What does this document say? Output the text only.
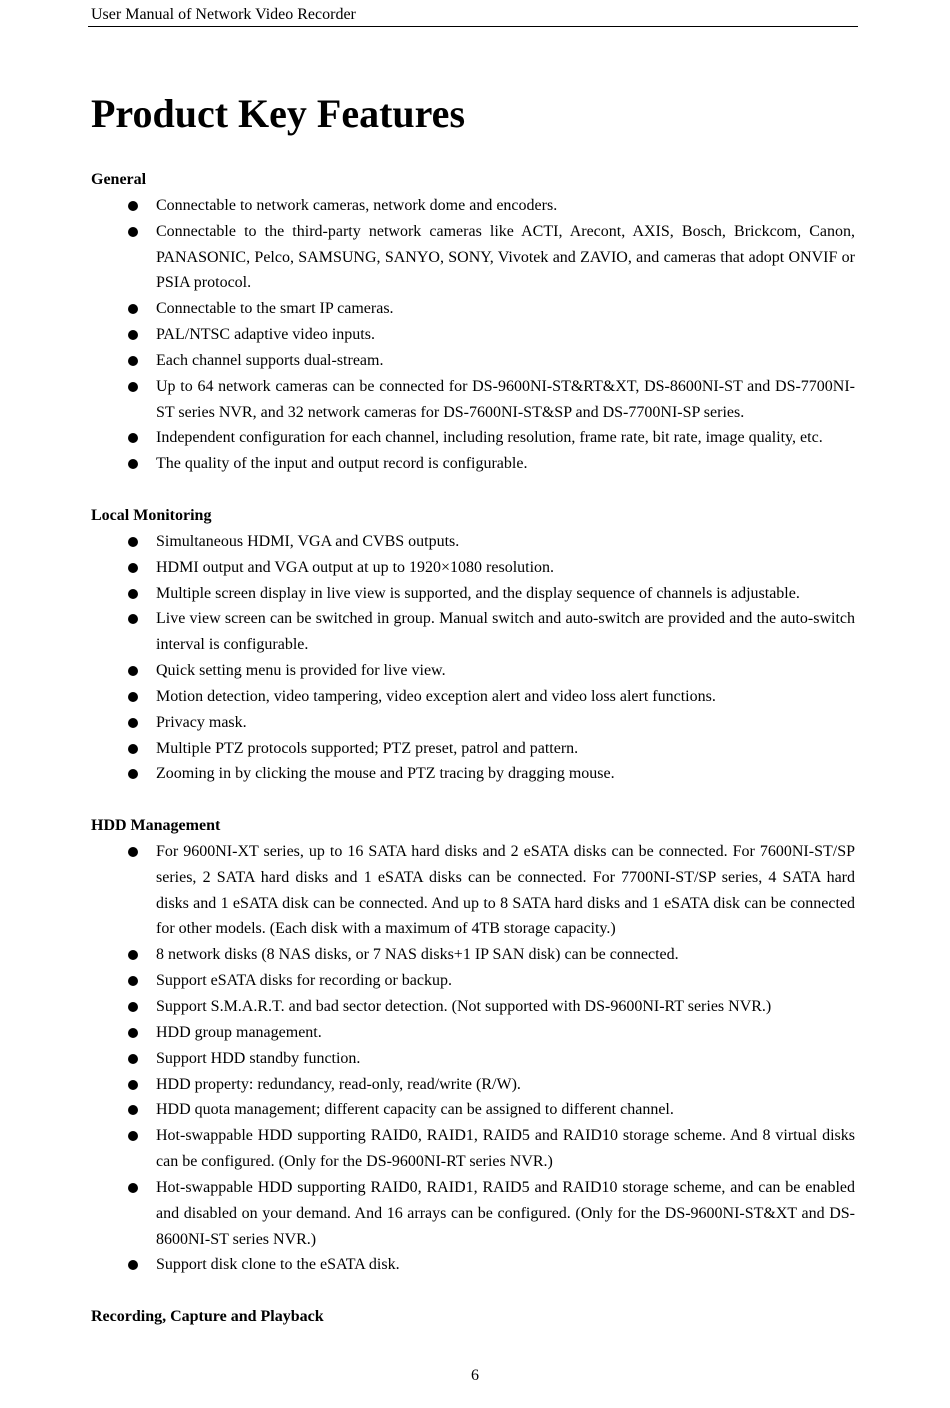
User Manual of Network Video Recorder
Product Key Features
General
Connectable to network cameras, network dome and encoders.
Connectable to the third-party network cameras like ACTI, Arecont, AXIS, Bosch, Brickcom, Canon, PANASONIC, Pelco, SAMSUNG, SANYO, SONY, Vivotek and ZAVIO, and cameras that adopt ONVIF or PSIA protocol.
Connectable to the smart IP cameras.
PAL/NTSC adaptive video inputs.
Each channel supports dual-stream.
Up to 64 network cameras can be connected for DS-9600NI-ST&RT&XT, DS-8600NI-ST and DS-7700NI-ST series NVR, and 32 network cameras for DS-7600NI-ST&SP and DS-7700NI-SP series.
Independent configuration for each channel, including resolution, frame rate, bit rate, image quality, etc.
The quality of the input and output record is configurable.
Local Monitoring
Simultaneous HDMI, VGA and CVBS outputs.
HDMI output and VGA output at up to 1920×1080 resolution.
Multiple screen display in live view is supported, and the display sequence of channels is adjustable.
Live view screen can be switched in group. Manual switch and auto-switch are provided and the auto-switch interval is configurable.
Quick setting menu is provided for live view.
Motion detection, video tampering, video exception alert and video loss alert functions.
Privacy mask.
Multiple PTZ protocols supported; PTZ preset, patrol and pattern.
Zooming in by clicking the mouse and PTZ tracing by dragging mouse.
HDD Management
For 9600NI-XT series, up to 16 SATA hard disks and 2 eSATA disks can be connected. For 7600NI-ST/SP series, 2 SATA hard disks and 1 eSATA disks can be connected. For 7700NI-ST/SP series, 4 SATA hard disks and 1 eSATA disk can be connected. And up to 8 SATA hard disks and 1 eSATA disk can be connected for other models. (Each disk with a maximum of 4TB storage capacity.)
8 network disks (8 NAS disks, or 7 NAS disks+1 IP SAN disk) can be connected.
Support eSATA disks for recording or backup.
Support S.M.A.R.T. and bad sector detection. (Not supported with DS-9600NI-RT series NVR.)
HDD group management.
Support HDD standby function.
HDD property: redundancy, read-only, read/write (R/W).
HDD quota management; different capacity can be assigned to different channel.
Hot-swappable HDD supporting RAID0, RAID1, RAID5 and RAID10 storage scheme. And 8 virtual disks can be configured. (Only for the DS-9600NI-RT series NVR.)
Hot-swappable HDD supporting RAID0, RAID1, RAID5 and RAID10 storage scheme, and can be enabled and disabled on your demand. And 16 arrays can be configured. (Only for the DS-9600NI-ST&XT and DS-8600NI-ST series NVR.)
Support disk clone to the eSATA disk.
Recording, Capture and Playback
6
